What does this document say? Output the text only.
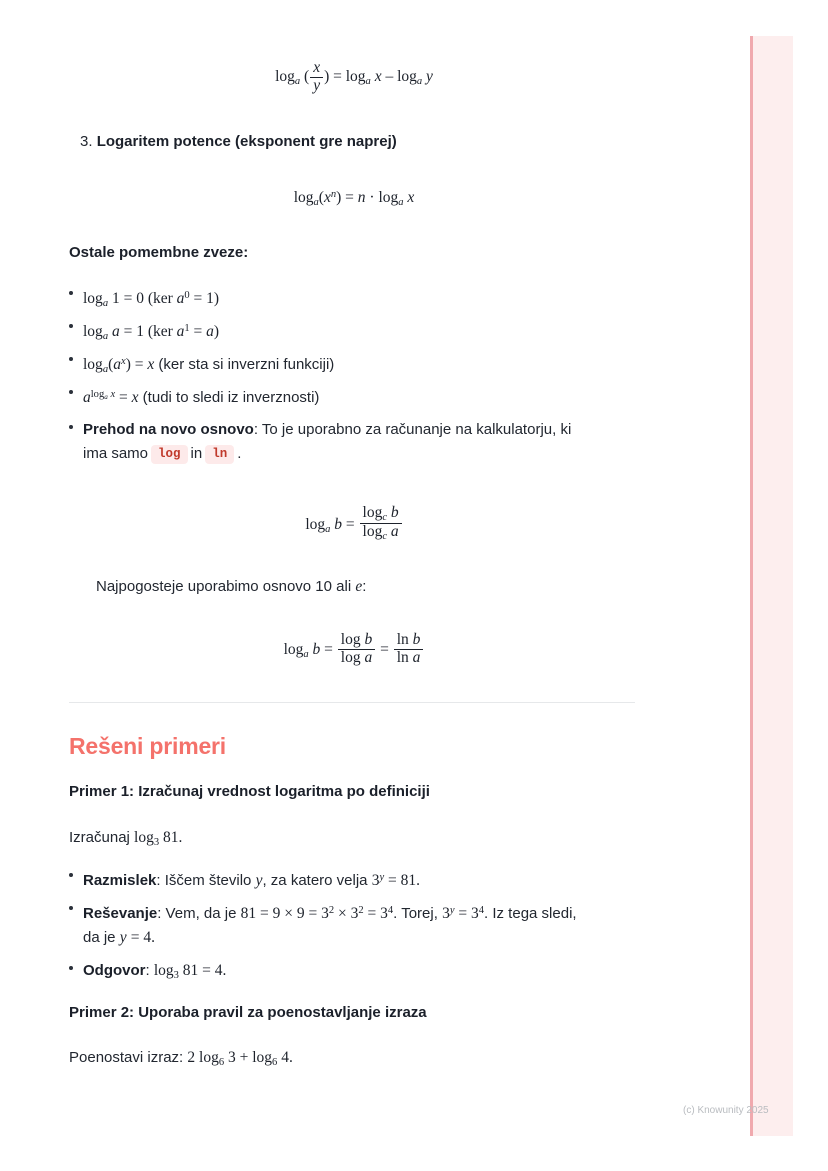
$\log_a$ ( $\frac{x}{y}$ ) = $\log_a x - \log_a y$
3. Logaritem potence (eksponent gre naprej)
$\log_a(x^n) = n \cdot \log_a x$
Ostale pomembne zveze:
$\log_a 1 = 0$ (ker $a^0 = 1$)
$\log_a a = 1$ (ker $a^1 = a$)
$\log_a(a^x) = x$ (ker sta si inverzni funkciji)
$a^{log_a x} = x$ (tudi to sledi iz inverznosti)
Prehod na novo osnovo: To je uporabno za računanje na kalkulatorju, ki
ima samo log in ln .
$\log_a b = \frac{\log_c b}{\log_c a}$
Najpogosteje uporabimo osnovo 10 ali e:
$\log_a b = \frac{\text{log b}}{\text{log a}} = \frac{\text{ln b}}{\text{ln a}}$
Rešeni primeri
Primer 1: Izračunaj vrednost logaritma po definiciji
Izračunaj $\log_3 81$.
Razmislek: Iščem število y, za katero velja $3^y = 81$.
Reševanje: Vem, da je $81 = 9 \times 9 = 3^2 \times 3^2 = 3^4$. Torej, $3^y = 3^4$. Iz tega sledi,
da je y = 4.
Odgovor: $\log_3 81 = 4$.
Primer 2: Uporaba pravil za poenostavljanje izraza
Poenostavi izraz: 2 $\log_6 3 + \log_6 4$.
(c) Knowunity 2025
